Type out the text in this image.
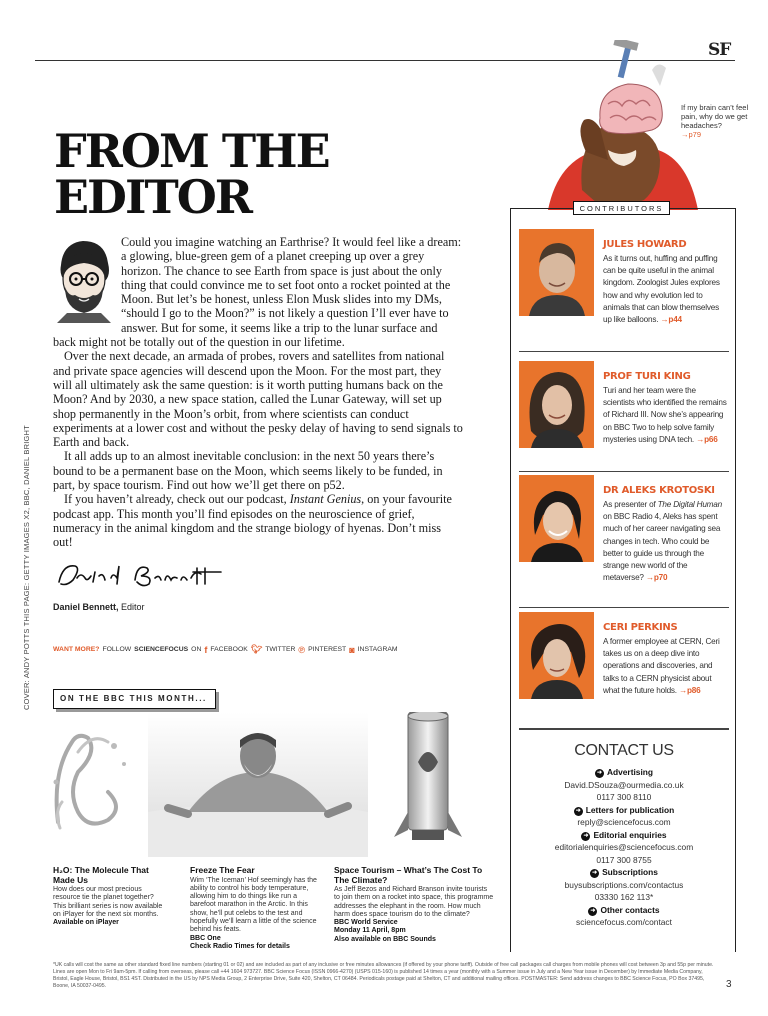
SF
FROM THE
EDITOR
COVER: ANDY POTTS THIS PAGE: GETTY IMAGES X2, BBC, DANIEL BRIGHT

Could you imagine watching an Earthrise? It would feel like a dream: a glowing, blue-green gem of a planet creeping up over a grey horizon. The chance to see Earth from space is just about the only thing that could convince me to set foot onto a rocket pointed at the Moon. But let’s be honest, unless Elon Musk slides into my DMs, “should I go to the Moon?” is not likely a question I’ll ever have to answer. But for some, it seems like a trip to the lunar surface and back might not be totally out of the question in our lifetime.

Over the next decade, an armada of probes, rovers and satellites from national and private space agencies will descend upon the Moon. For the most part, they will all ultimately ask the same question: is it worth putting humans back on the Moon? And by 2030, a new space station, called the Lunar Gateway, will set up shop permanently in the Moon’s orbit, from where scientists can conduct experiments at a lower cost and without the pesky delay of having to send signals to Earth and back.

It all adds up to an almost inevitable conclusion: in the next 50 years there’s bound to be a permanent base on the Moon, which seems likely to be funded, in part, by space tourism. Find out how we’ll get there on p52.

If you haven’t already, check out our podcast, Instant Genius, on your favourite podcast app. This month you’ll find episodes on the neuroscience of grief, numeracy in the animal kingdom and the strange biology of hyenas. Don’t miss out!

Daniel Bennett, Editor
WANT MORE? FOLLOW SCIENCEFOCUS ON f FACEBOOK 🐦︎ TWITTER ℗ PINTEREST ◙ INSTAGRAM
ON THE BBC THIS MONTH...
H₂O: The Molecule That Made Us
How does our most precious resource tie the planet together? This brilliant series is now available on iPlayer for the next six months.
Available on iPlayer
Freeze The Fear
Wim ‘The Iceman’ Hof seemingly has the ability to control his body temperature, allowing him to do things like run a barefoot marathon in the Arctic. In this show, he’ll put celebs to the test and hopefully we’ll learn a little of the science behind his feats.
BBC One
Check Radio Times for details
Space Tourism – What’s The Cost To The Climate?
As Jeff Bezos and Richard Branson invite tourists to join them on a rocket into space, this programme addresses the elephant in the room. How much harm does space tourism do to the climate?
BBC World Service
Monday 11 April, 8pm
Also available on BBC Sounds
If my brain can’t feel pain, why do we get headaches?
→p79
CONTRIBUTORS
JULES HOWARD
As it turns out, huffing and puffing can be quite useful in the animal kingdom. Zoologist Jules explores how and why evolution led to animals that can blow themselves up like balloons. →p44
PROF TURI KING
Turi and her team were the scientists who identified the remains of Richard III. Now she’s appearing on BBC Two to help solve family mysteries using DNA tech. →p66
DR ALEKS KROTOSKI
As presenter of The Digital Human on BBC Radio 4, Aleks has spent much of her career navigating sea changes in tech. Who could be better to guide us through the strange new world of the metaverse? →p70
CERI PERKINS
A former employee at CERN, Ceri takes us on a deep dive into operations and discoveries, and talks to a CERN physicist about what the future holds. →p86
CONTACT US
➜ Advertising
David.DSouza@ourmedia.co.uk
0117 300 8110
➜ Letters for publication
reply@sciencefocus.com
➜ Editorial enquiries
editorialenquiries@sciencefocus.com
0117 300 8755
➜ Subscriptions
buysubscriptions.com/contactus
03330 162 113*
➜ Other contacts
sciencefocus.com/contact
*UK calls will cost the same as other standard fixed line numbers (starting 01 or 02) and are included as part of any inclusive or free minutes allowances (if offered by your phone tariff). Outside of free call packages call charges from mobile phones will cost between 3p and 55p per minute. Lines are open Mon to Fri 9am-5pm. If calling from overseas, please call +44 1604 973727. BBC Science Focus (ISSN 0966-4270) (USPS 015-160) is published 14 times a year (monthly with a Summer issue in July and a New Year issue in December) by Immediate Media Company, Bristol, Eagle House, Bristol, BS1 4ST. Distributed in the US by NPS Media Group, 2 Enterprise Drive, Suite 420, Shelton, CT 06484. Periodicals postage paid at Shelton, CT and additional mailing offices. POSTMASTER: Send address changes to BBC Science Focus, PO Box 37495, Boone, IA 50037-0495.	3
